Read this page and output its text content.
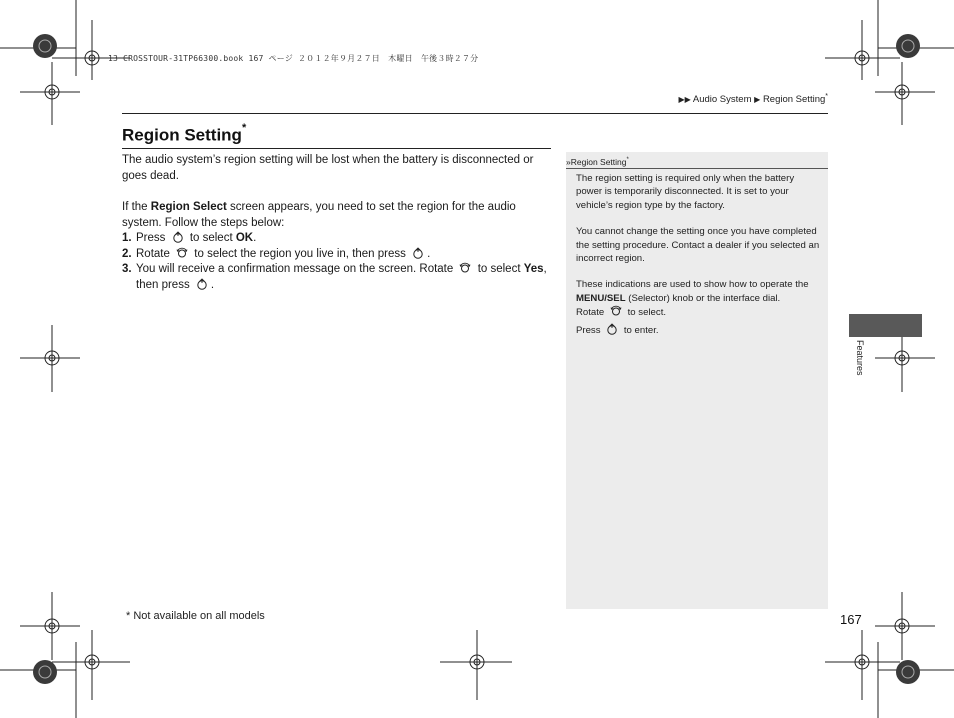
13 CROSSTOUR-31TP66300.book 167 ページ ２０１２年９月２７日　木曜日　午後３時２７分
▶▶ Audio System ▶ Region Setting*
Region Setting*

The audio system’s region setting will be lost when the battery is disconnected or goes dead.

If the Region Select screen appears, you need to set the region for the audio system. Follow the steps below:

1. Press to select OK.
2. Rotate to select the region you live in, then press .
3. You will receive a confirmation message on the screen. Rotate to select Yes, then press .
»Region Setting*

The region setting is required only when the battery power is temporarily disconnected. It is set to your vehicle’s region type by the factory.

You cannot change the setting once you have completed the setting procedure. Contact a dealer if you selected an incorrect region.

These indications are used to show how to operate the MENU/SEL (Selector) knob or the interface dial.

Rotate to select.

Press to enter.

Features
* Not available on all models	167
